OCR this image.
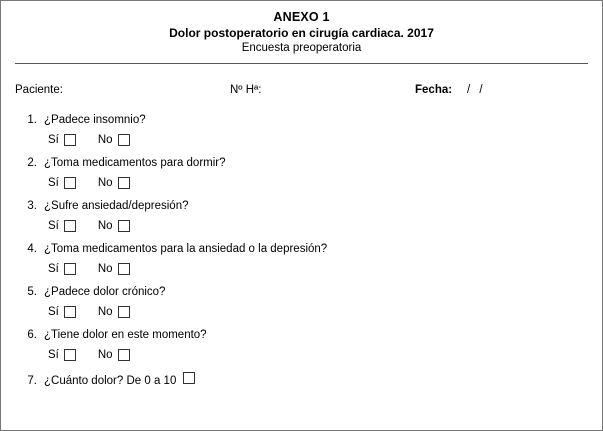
ANEXO 1
Dolor postoperatorio en cirugía cardiaca. 2017
Encuesta preoperatoria
Paciente:	Nº Hª:	Fecha: / /
1. ¿Padece insomnio?
Sí	No
2. ¿Toma medicamentos para dormir?
Sí	No
3. ¿Sufre ansiedad/depresión?
Sí	No
4. ¿Toma medicamentos para la ansiedad o la depresión?
Sí	No
5. ¿Padece dolor crónico?
Sí	No
6. ¿Tiene dolor en este momento?
Sí	No
7. ¿Cuánto dolor? De 0 a 10
